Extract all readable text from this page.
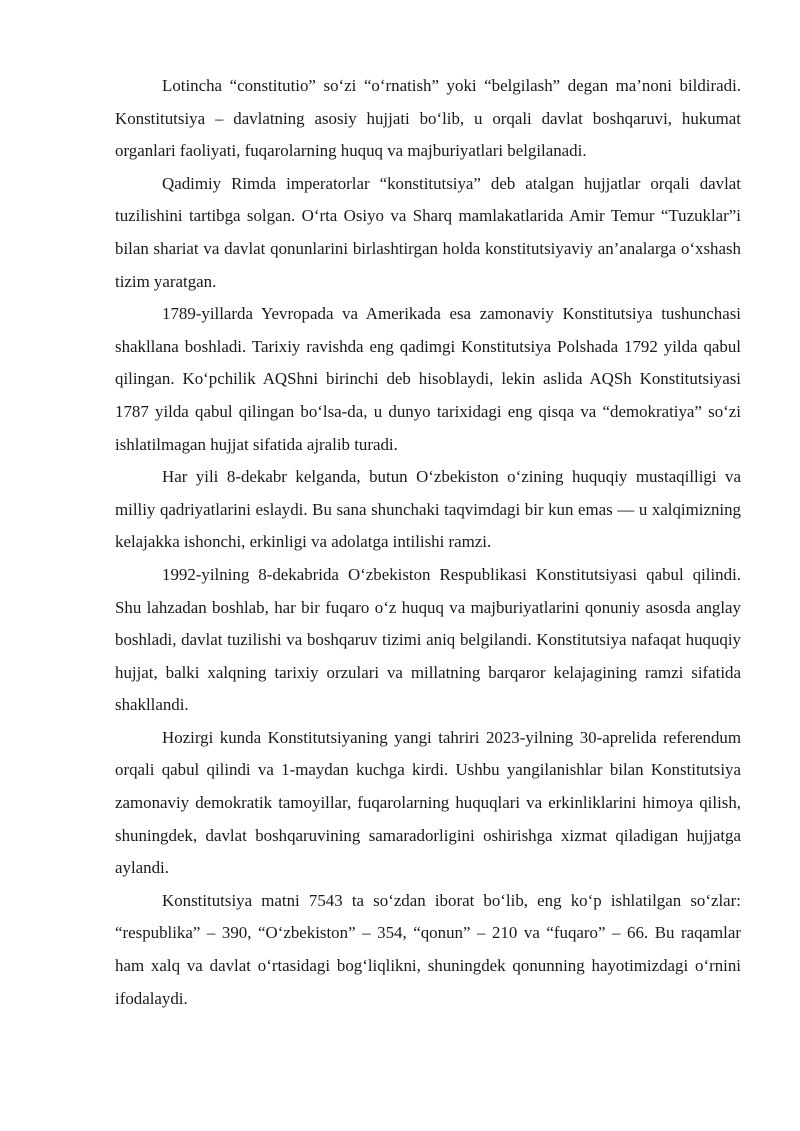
Lotincha “constitutio” so‘zi “o‘rnatish” yoki “belgilash” degan ma’noni bildiradi. Konstitutsiya – davlatning asosiy hujjati bo‘lib, u orqali davlat boshqaruvi, hukumat organlari faoliyati, fuqarolarning huquq va majburiyatlari belgilanadi.

Qadimiy Rimda imperatorlar “konstitutsiya” deb atalgan hujjatlar orqali davlat tuzilishini tartibga solgan. O‘rta Osiyo va Sharq mamlakatlarida Amir Temur “Tuzuklar”i bilan shariat va davlat qonunlarini birlashtirgan holda konstitutsiyaviy an’analarga o‘xshash tizim yaratgan.

1789-yillarda Yevropada va Amerikada esa zamonaviy Konstitutsiya tushunchasi shakllana boshladi. Tarixiy ravishda eng qadimgi Konstitutsiya Polshada 1792 yilda qabul qilingan. Ko‘pchilik AQShni birinchi deb hisoblaydi, lekin aslida AQSh Konstitutsiyasi 1787 yilda qabul qilingan bo‘lsa-da, u dunyo tarixidagi eng qisqa va “demokratiya” so‘zi ishlatilmagan hujjat sifatida ajralib turadi.

Har yili 8-dekabr kelganda, butun O‘zbekiston o‘zining huquqiy mustaqilligi va milliy qadriyatlarini eslaydi. Bu sana shunchaki taqvimdagi bir kun emas — u xalqimizning kelajakka ishonchi, erkinligi va adolatga intilishi ramzi.

1992-yilning 8-dekabrida O‘zbekiston Respublikasi Konstitutsiyasi qabul qilindi. Shu lahzadan boshlab, har bir fuqaro o‘z huquq va majburiyatlarini qonuniy asosda anglay boshladi, davlat tuzilishi va boshqaruv tizimi aniq belgilandi. Konstitutsiya nafaqat huquqiy hujjat, balki xalqning tarixiy orzulari va millatning barqaror kelajagining ramzi sifatida shakllandi.

Hozirgi kunda Konstitutsiyaning yangi tahriri 2023-yilning 30-aprelida referendum orqali qabul qilindi va 1-maydan kuchga kirdi. Ushbu yangilanishlar bilan Konstitutsiya zamonaviy demokratik tamoyillar, fuqarolarning huquqlari va erkinliklarini himoya qilish, shuningdek, davlat boshqaruvining samaradorligini oshirishga xizmat qiladigan hujjatga aylandi.

Konstitutsiya matni 7543 ta so‘zdan iborat bo‘lib, eng ko‘p ishlatilgan so‘zlar: “respublika” – 390, “O‘zbekiston” – 354, “qonun” – 210 va “fuqaro” – 66. Bu raqamlar ham xalq va davlat o‘rtasidagi bog‘liqlikni, shuningdek qonunning hayotimizdagi o‘rnini ifodalaydi.
